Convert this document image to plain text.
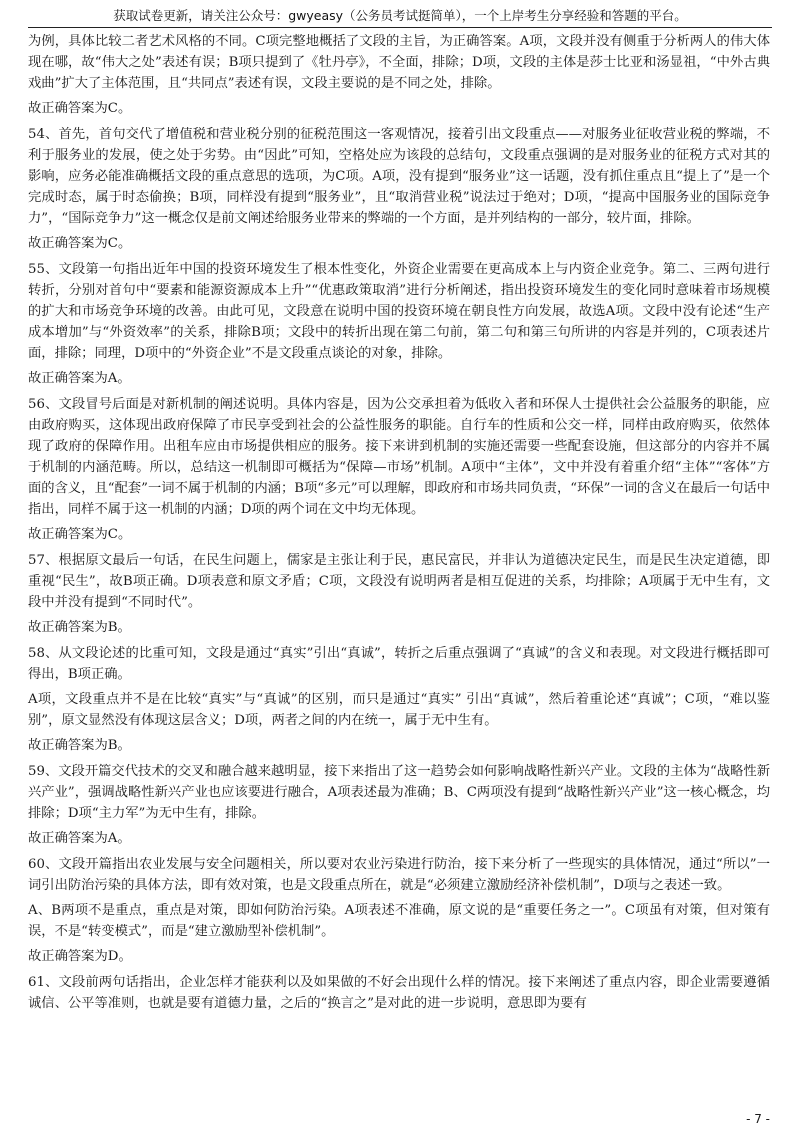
获取试卷更新，请关注公众号：gwyeasy（公务员考试挺简单），一个上岸考生分享经验和答题的平台。

为例，具体比较二者艺术风格的不同。C项完整地概括了文段的主旨，为正确答案。A项，文段并没有侧重于分析两人的伟大体现在哪，故“伟大之处”表述有误；B项只提到了《牡丹亭》，不全面，排除；D项，文段的主体是莎士比亚和汤显祖，“中外古典戏曲”扩大了主体范围，且“共同点”表述有误，文段主要说的是不同之处，排除。

故正确答案为C。

54、首先，首句交代了增值税和营业税分别的征税范围这一客观情况，接着引出文段重点——对服务业征收营业税的弊端，不利于服务业的发展，使之处于劣势。由“因此”可知，空格处应为该段的总结句，文段重点强调的是对服务业的征税方式对其的影响，应务必能准确概括文段的重点意思的选项，为C项。A项，没有提到“服务业”这一话题，没有抓住重点且“提上了”是一个完成时态，属于时态偷换；B项，同样没有提到“服务业”，且“取消营业税”说法过于绝对；D项，“提高中国服务业的国际竞争力”，“国际竞争力”这一概念仅是前文阐述给服务业带来的弊端的一个方面，是并列结构的一部分，较片面，排除。

故正确答案为C。

55、文段第一句指出近年中国的投资环境发生了根本性变化，外资企业需要在更高成本上与内资企业竞争。第二、三两句进行转折，分别对首句中“要素和能源资源成本上升”“优惠政策取消”进行分析阐述，指出投资环境发生的变化同时意味着市场规模的扩大和市场竞争环境的改善。由此可见，文段意在说明中国的投资环境在朝良性方向发展，故选A项。文段中没有论述“生产成本增加”与“外资效率”的关系，排除B项；文段中的转折出现在第二句前，第二句和第三句所讲的内容是并列的，C项表述片面，排除；同理，D项中的“外资企业”不是文段重点谈论的对象，排除。

故正确答案为A。

56、文段冒号后面是对新机制的阐述说明。具体内容是，因为公交承担着为低收入者和环保人士提供社会公益服务的职能，应由政府购买，这体现出政府保障了市民享受到社会的公益性服务的职能。自行车的性质和公交一样，同样由政府购买，依然体现了政府的保障作用。出租车应由市场提供相应的服务。接下来讲到机制的实施还需要一些配套设施，但这部分的内容并不属于机制的内涵范畴。所以，总结这一机制即可概括为“保障—市场”机制。A项中“主体”，文中并没有着重介绍“主体”“客体”方面的含义，且“配套”一词不属于机制的内涵；B项“多元”可以理解，即政府和市场共同负责，“环保”一词的含义在最后一句话中指出，同样不属于这一机制的内涵；D项的两个词在文中均无体现。

故正确答案为C。

57、根据原文最后一句话，在民生问题上，儒家是主张让利于民，惠民富民，并非认为道德决定民生，而是民生决定道德，即重视“民生”，故B项正确。D项表意和原文矛盾；C项，文段没有说明两者是相互促进的关系，均排除；A项属于无中生有，文段中并没有提到“不同时代”。

故正确答案为B。

58、从文段论述的比重可知，文段是通过“真实”引出“真诚”，转折之后重点强调了“真诚”的含义和表现。对文段进行概括即可得出，B项正确。

A项，文段重点并不是在比较“真实”与“真诚”的区别，而只是通过“真实” 引出“真诚”，然后着重论述“真诚”；C项，“难以鉴别”，原文显然没有体现这层含义；D项，两者之间的内在统一，属于无中生有。

故正确答案为B。

59、文段开篇交代技术的交叉和融合越来越明显，接下来指出了这一趋势会如何影响战略性新兴产业。文段的主体为“战略性新兴产业”，强调战略性新兴产业也应该要进行融合，A项表述最为准确；B、C两项没有提到“战略性新兴产业”这一核心概念，均排除；D项“主力军”为无中生有，排除。

故正确答案为A。

60、文段开篇指出农业发展与安全问题相关，所以要对农业污染进行防治，接下来分析了一些现实的具体情况，通过“所以”一词引出防治污染的具体方法，即有效对策，也是文段重点所在，就是“必须建立激励经济补偿机制”，D项与之表述一致。

A、B两项不是重点，重点是对策，即如何防治污染。A项表述不准确，原文说的是“重要任务之一”。C项虽有对策，但对策有误，不是“转变模式”，而是“建立激励型补偿机制”。

故正确答案为D。

61、文段前两句话指出，企业怎样才能获利以及如果做的不好会出现什么样的情况。接下来阐述了重点内容，即企业需要遵循诚信、公平等准则，也就是要有道德力量，之后的“换言之”是对此的进一步说明，意思即为要有

- 7 -
